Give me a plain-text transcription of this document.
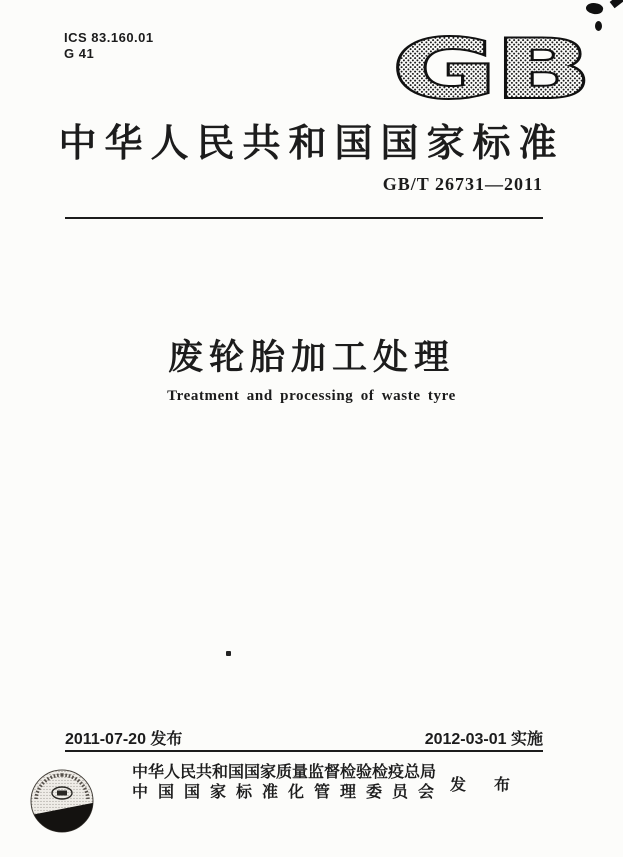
ICS 83.160.01
G 41	GB
中华人民共和国国家标准
GB/T 26731—2011
废轮胎加工处理
Treatment and processing of waste tyre
2011-07-20 发布	2012-03-01 实施
中华人民共和国国家质量监督检验检疫总局
中国国家标准化管理委员会 发 布
